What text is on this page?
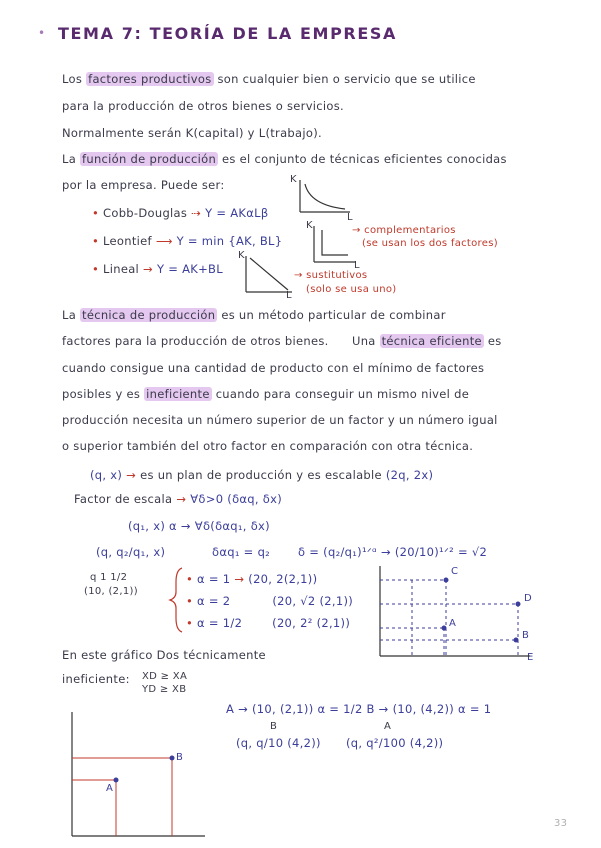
TEMA 7: TEORÍA DE LA EMPRESA
•
Los factores productivos son cualquier bien o servicio que se utilice
para la producción de otros bienes o servicios.
Normalmente serán K(capital) y L(trabajo).
La función de producción es el conjunto de técnicas eficientes conocidas
por la empresa. Puede ser:
• Cobb-Douglas ⇢ Y = AKαLβ
• Leontief ⟶ Y = min {AK, BL}
• Lineal → Y = AK+BL
→ complementarios
(se usan los dos factores)
→ sustitutivos
(solo se usa uno)
K
L
K
L
K
L
La técnica de producción es un método particular de combinar
factores para la producción de otros bienes. Una técnica eficiente es
cuando consigue una cantidad de producto con el mínimo de factores
posibles y es ineficiente cuando para conseguir un mismo nivel de
producción necesita un número superior de un factor y un número igual
o superior también del otro factor en comparación con otra técnica.
(q, x) → es un plan de producción y es escalable (2q, 2x)
Factor de escala → ∀δ>0 (δαq, δx)
(q₁, x) α → ∀δ(δαq₁, δx)
(q, q₂/q₁, x)	δαq₁ = q₂ δ = (q₂/q₁)¹ᐟᵅ → (20/10)¹ᐟ² = √2
q 1 1/2
(10, (2,1))
• α = 1 → (20, 2(2,1))
• α = 2	(20, √2 (2,1))
• α = 1/2	(20, 2² (2,1))
C
D
A
B
E
En este gráfico Dos técnicamente
ineficiente: XD ≥ XA
YD ≥ XB
A → (10, (2,1)) α = 1/2 B → (10, (4,2)) α = 1
B
(q, q/10 (4,2))
A
(q, q²/100 (4,2))
A
B
33
